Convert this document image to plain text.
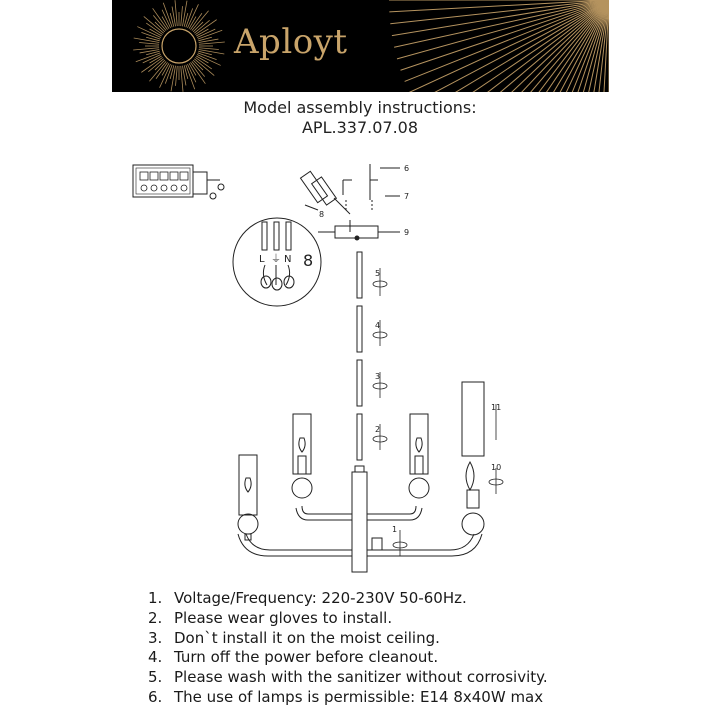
Aployt
Model assembly instructions:
APL.337.07.08
1
2
3
4
5
6
7
8
9
10
11
L ⏚ N 8
1. Voltage/Frequency: 220-230V 50-60Hz.
2. Please wear gloves to install.
3. Don`t install it on the moist ceiling.
4. Turn off the power before cleanout.
5. Please wash with the sanitizer without corrosivity.
6. The use of lamps is permissible: E14 8x40W max
